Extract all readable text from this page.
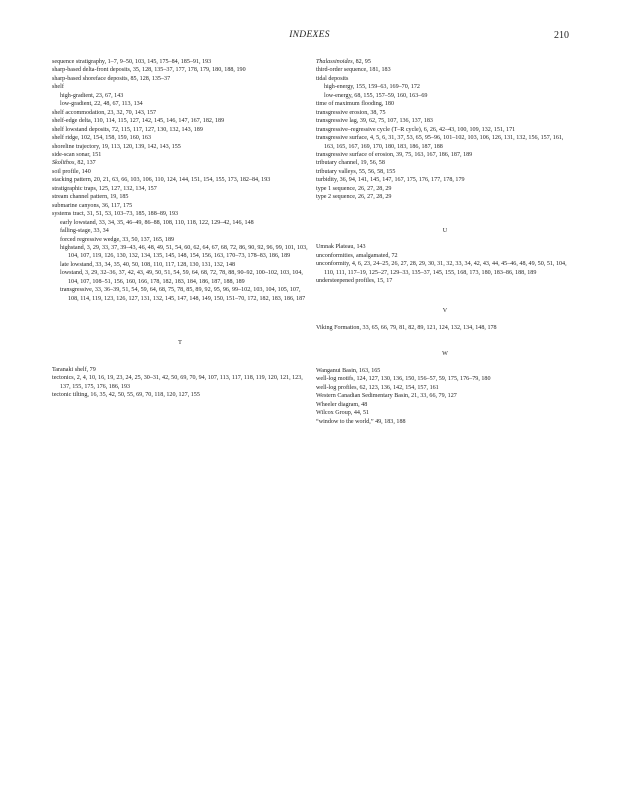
INDEXES	210
sequence stratigraphy, 1–7, 9–50, 103, 145, 175–84, 185–91, 193
sharp-based delta-front deposits, 35, 128, 135–37, 177, 178, 179, 180, 188, 190
sharp-based shoreface deposits, 85, 128, 135–37
shelf
high-gradient, 23, 67, 143
low-gradient, 22, 48, 67, 113, 134
shelf accommodation, 23, 32, 70, 143, 157
shelf-edge delta, 110, 114, 115, 127, 142, 145, 146, 147, 167, 182, 189
shelf lowstand deposits, 72, 115, 117, 127, 130, 132, 143, 189
shelf ridge, 102, 154, 158, 159, 160, 163
shoreline trajectory, 19, 113, 120, 139, 142, 143, 155
side-scan sonar, 151
Skolithos, 82, 137
soil profile, 140
stacking pattern, 20, 21, 63, 66, 103, 106, 110, 124, 144, 151, 154, 155, 173, 182–84, 193
stratigraphic traps, 125, 127, 132, 134, 157
stream channel pattern, 19, 185
submarine canyons, 36, 117, 175
systems tract, 31, 51, 53, 103–73, 185, 188–89, 193
early lowstand, 33, 34, 35, 46–49, 86–88, 108, 110, 118, 122, 129–42, 146, 148
falling-stage, 33, 34
forced regressive wedge, 33, 50, 137, 165, 189
highstand, 3, 29, 33, 37, 39–43, 46, 48, 49, 51, 54, 60, 62, 64, 67, 68, 72, 86, 90, 92, 96, 99, 101, 103, 104, 107, 119, 126, 130, 132, 134, 135, 145, 148, 154, 156, 163, 170–73, 178–83, 186, 189
late lowstand, 33, 34, 35, 40, 50, 108, 110, 117, 128, 130, 131, 132, 148
lowstand, 3, 29, 32–36, 37, 42, 43, 49, 50, 51, 54, 59, 64, 68, 72, 78, 88, 90–92, 100–102, 103, 104, 104, 107, 108–51, 156, 160, 166, 178, 182, 183, 184, 186, 187, 188, 189
transgressive, 33, 36–39, 51, 54, 59, 64, 68, 75, 78, 85, 89, 92, 95, 96, 99–102, 103, 104, 105, 107, 108, 114, 119, 123, 126, 127, 131, 132, 145, 147, 148, 149, 150, 151–70, 172, 182, 183, 186, 187
T
Taranaki shelf, 79
tectonics, 2, 4, 10, 16, 19, 23, 24, 25, 30–31, 42, 50, 69, 70, 94, 107, 113, 117, 118, 119, 120, 121, 123, 137, 155, 175, 176, 186, 193
tectonic tilting, 16, 35, 42, 50, 55, 69, 70, 118, 120, 127, 155
Thalassinoides, 82, 95
third-order sequence, 181, 183
tidal deposits
high-energy, 155, 159–63, 169–70, 172
low-energy, 68, 155, 157–59, 160, 163–69
time of maximum flooding, 180
transgressive erosion, 38, 75
transgressive lag, 39, 62, 75, 107, 136, 137, 183
transgressive–regressive cycle (T–R cycle), 6, 26, 42–43, 100, 109, 132, 151, 171
transgressive surface, 4, 5, 6, 31, 37, 53, 65, 95–96, 101–102, 103, 106, 126, 131, 132, 156, 157, 161, 163, 165, 167, 169, 170, 180, 183, 186, 187, 188
transgressive surface of erosion, 39, 75, 163, 167, 186, 187, 189
tributary channel, 19, 56, 58
tributary valleys, 55, 56, 58, 155
turbidity, 36, 94, 141, 145, 147, 167, 175, 176, 177, 178, 179
type 1 sequence, 26, 27, 28, 29
type 2 sequence, 26, 27, 28, 29
U
Umnak Plateau, 143
unconformities, amalgamated, 72
unconformity, 4, 6, 23, 24–25, 26, 27, 28, 29, 30, 31, 32, 33, 34, 42, 43, 44, 45–46, 48, 49, 50, 51, 104, 110, 111, 117–19, 125–27, 129–33, 135–37, 145, 155, 168, 173, 180, 183–86, 188, 189
understeepened profiles, 15, 17
V
Viking Formation, 33, 65, 66, 79, 81, 82, 89, 121, 124, 132, 134, 148, 178
W
Wanganui Basin, 163, 165
well-log motifs, 124, 127, 130, 136, 150, 156–57, 59, 175, 176–79, 180
well-log profiles, 62, 123, 136, 142, 154, 157, 161
Western Canadian Sedimentary Basin, 21, 33, 66, 79, 127
Wheeler diagram, 48
Wilcox Group, 44, 51
“window to the world,” 49, 183, 188
